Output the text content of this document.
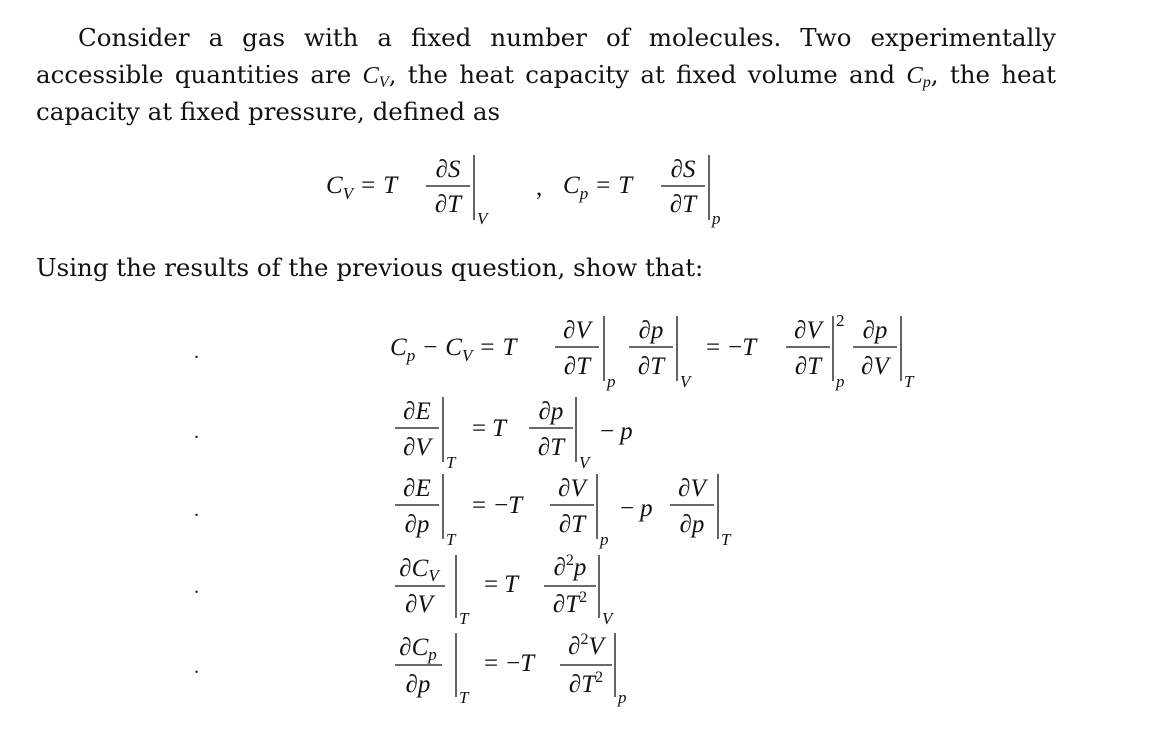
Consider a gas with a fixed number of molecules. Two experimentally accessible quantities are $C_V$, the heat capacity at fixed volume and $C_p$, the heat capacity at fixed pressure, defined as
Using the results of the previous question, show that:
$C_V = T$
∂S
∂T
V
, $C_p = T$
∂S
∂T
p
.	$C_p - C_V = T$
∂V
∂T
p
∂p
∂T
V
= −T
∂V
∂T
2
p
∂p
∂V
T
.
∂E
∂V
T
= T
∂p
∂T
V
− p
.
∂E
∂p
T
= −T
∂V
∂T
p
− p
∂V
∂p
T
.
$\partial C_V$
∂V
T
= T
∂$^2$p
$\partial T^2$
V
.
$\partial C_p$
∂p T
= −T
∂$^2$V
$\partial T^2$
p
